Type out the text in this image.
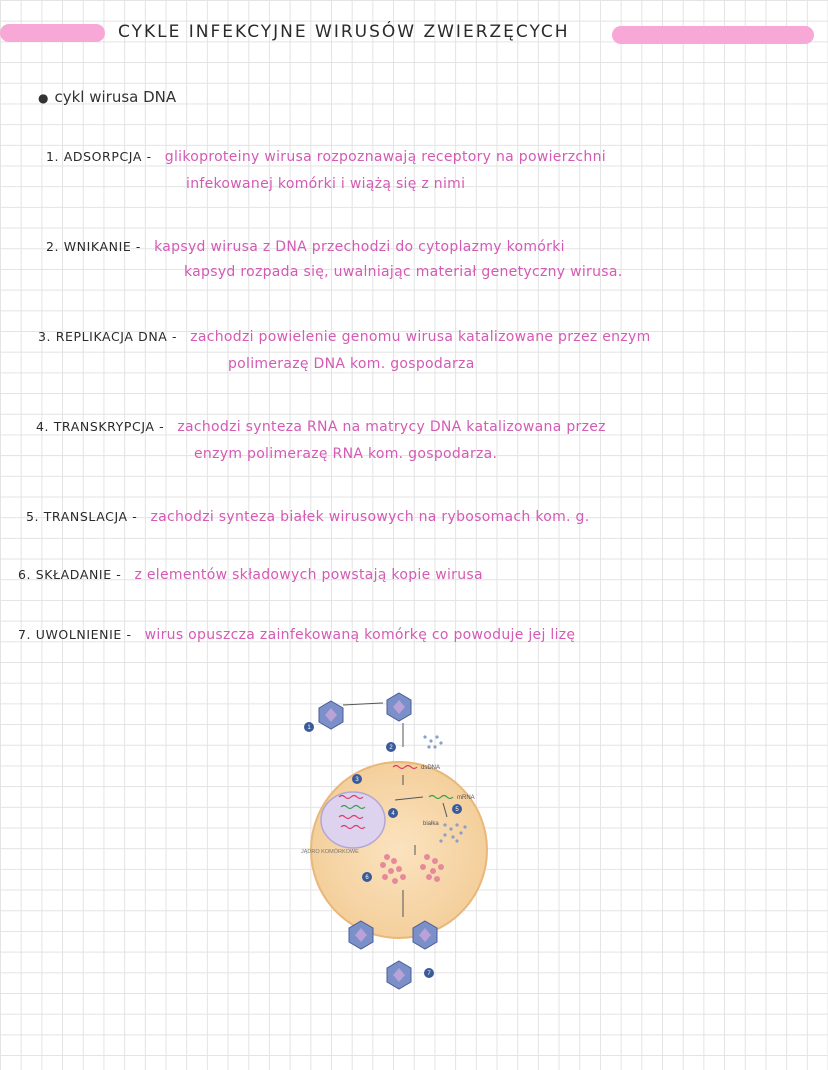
CYKLE INFEKCYJNE WIRUSÓW ZWIERZĘCYCH
● cykl wirusa DNA
1. ADSORPCJA - glikoproteiny wirusa rozpoznawają receptory na powierzchni
infekowanej komórki i wiążą się z nimi
2. WNIKANIE - kapsyd wirusa z DNA przechodzi do cytoplazmy komórki
kapsyd rozpada się, uwalniając materiał genetyczny wirusa.
3. REPLIKACJA DNA - zachodzi powielenie genomu wirusa katalizowane przez enzym
polimerazę DNA kom. gospodarza
4. TRANSKRYPCJA - zachodzi synteza RNA na matrycy DNA katalizowana przez
enzym polimerazę RNA kom. gospodarza.
5. TRANSLACJA - zachodzi synteza białek wirusowych na rybosomach kom. g.
6. SKŁADANIE - z elementów składowych powstają kopie wirusa
7. UWOLNIENIE - wirus opuszcza zainfekowaną komórkę co powoduje jej lizę
dsDNA
mRNA
białka
JĄDRO KOMÓRKOWE
1
2
3
4
5
6
7
